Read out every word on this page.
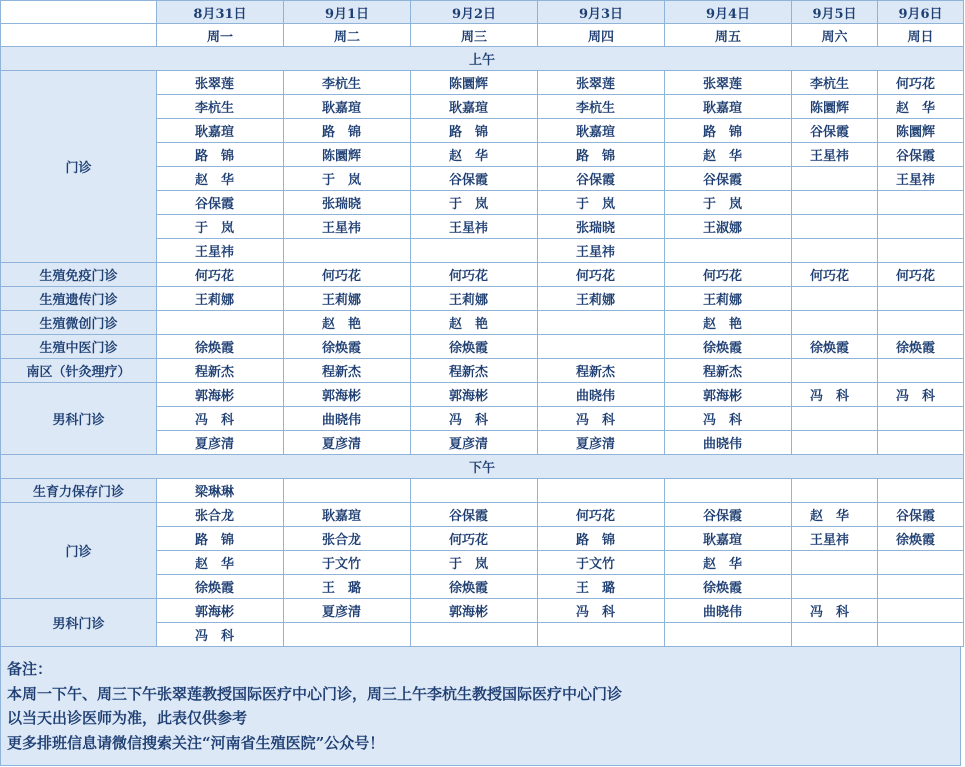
	8月31日	9月1日	9月2日	9月3日	9月4日	9月5日	9月6日
	周一	周二	周三	周四	周五	周六	周日
上午							
门诊	张翠莲	李杭生	陈圜辉	张翠莲	张翠莲	李杭生	何巧花
	李杭生	耿嘉瑄	耿嘉瑄	李杭生	耿嘉瑄	陈圜辉	赵　华
	耿嘉瑄	路　锦	路　锦	耿嘉瑄	路　锦	谷保霞	陈圜辉
	路　锦	陈圜辉	赵　华	路　锦	赵　华	王星祎	谷保霞
	赵　华	于　岚	谷保霞	谷保霞	谷保霞		王星祎
	谷保霞	张瑞晓	于　岚	于　岚	于　岚		
	于　岚	王星祎	王星祎	张瑞晓	王淑娜		
	王星祎			王星祎			
生殖免疫门诊	何巧花	何巧花	何巧花	何巧花	何巧花	何巧花	何巧花
生殖遗传门诊	王莉娜	王莉娜	王莉娜	王莉娜	王莉娜		
生殖微创门诊		赵　艳	赵　艳		赵　艳		
生殖中医门诊	徐焕霞	徐焕霞	徐焕霞		徐焕霞	徐焕霞	徐焕霞
南区（针灸理疗）	程新杰	程新杰	程新杰	程新杰	程新杰		
男科门诊	郭海彬	郭海彬	郭海彬	曲晓伟	郭海彬	冯　科	冯　科
	冯　科	曲晓伟	冯　科	冯　科	冯　科		
	夏彦清	夏彦清	夏彦清	夏彦清	曲晓伟		
下午							
生育力保存门诊	梁琳琳						
门诊	张合龙	耿嘉瑄	谷保霞	何巧花	谷保霞	赵　华	谷保霞
	路　锦	张合龙	何巧花	路　锦	耿嘉瑄	王星祎	徐焕霞
	赵　华	于文竹	于　岚	于文竹	赵　华		
	徐焕霞	王　璐	徐焕霞	王　璐	徐焕霞		
男科门诊	郭海彬	夏彦清	郭海彬	冯　科	曲晓伟	冯　科	
	冯　科						
备注：
本周一下午、周三下午张翠莲教授国际医疗中心门诊，周三上午李杭生教授国际医疗中心门诊
以当天出诊医师为准，此表仅供参考
更多排班信息请微信搜索关注“河南省生殖医院”公众号！
